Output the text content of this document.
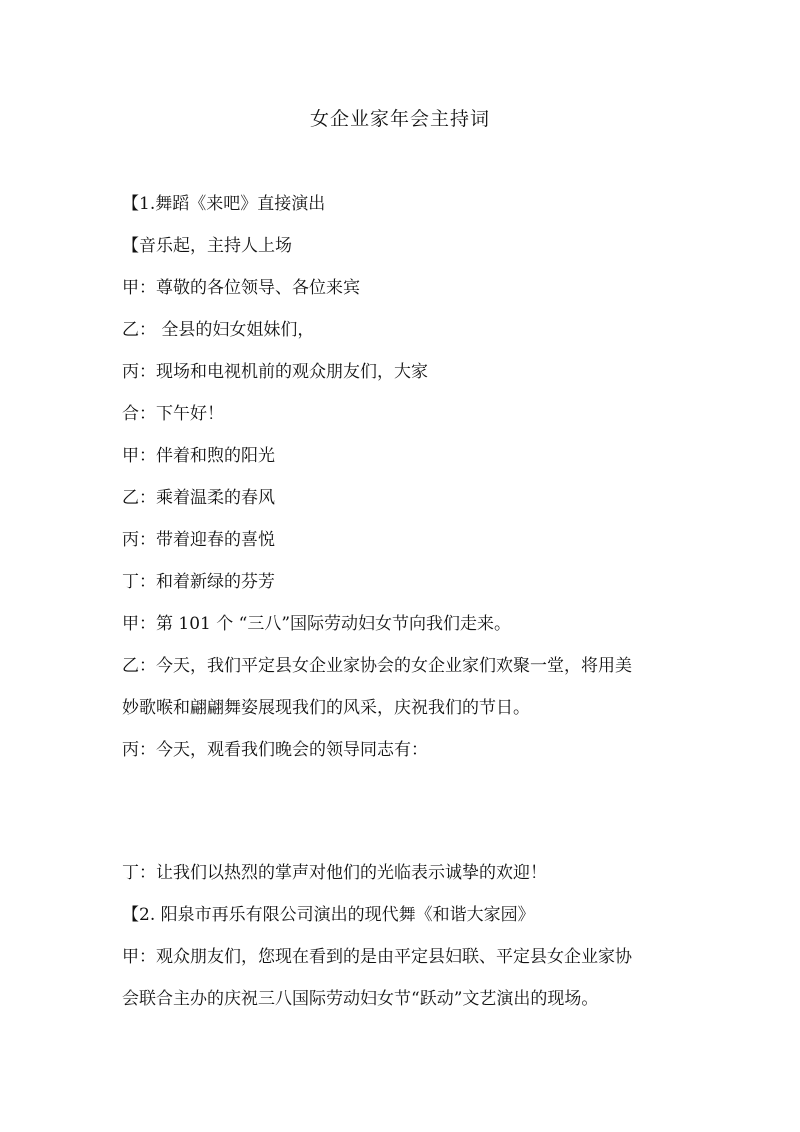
女企业家年会主持词
【1.舞蹈《来吧》直接演出
【音乐起，主持人上场
甲：尊敬的各位领导、各位来宾
乙： 全县的妇女姐妹们，
丙：现场和电视机前的观众朋友们，大家
合：下午好！
甲：伴着和煦的阳光
乙：乘着温柔的春风
丙：带着迎春的喜悦
丁：和着新绿的芬芳
甲：第 101 个 “三八”国际劳动妇女节向我们走来。
乙：今天，我们平定县女企业家协会的女企业家们欢聚一堂，将用美
妙歌喉和翩翩舞姿展现我们的风采，庆祝我们的节日。
丙：今天，观看我们晚会的领导同志有：
丁：让我们以热烈的掌声对他们的光临表示诚挚的欢迎！
【2. 阳泉市再乐有限公司演出的现代舞《和谐大家园》
甲：观众朋友们，您现在看到的是由平定县妇联、平定县女企业家协
会联合主办的庆祝三八国际劳动妇女节“跃动”文艺演出的现场。
